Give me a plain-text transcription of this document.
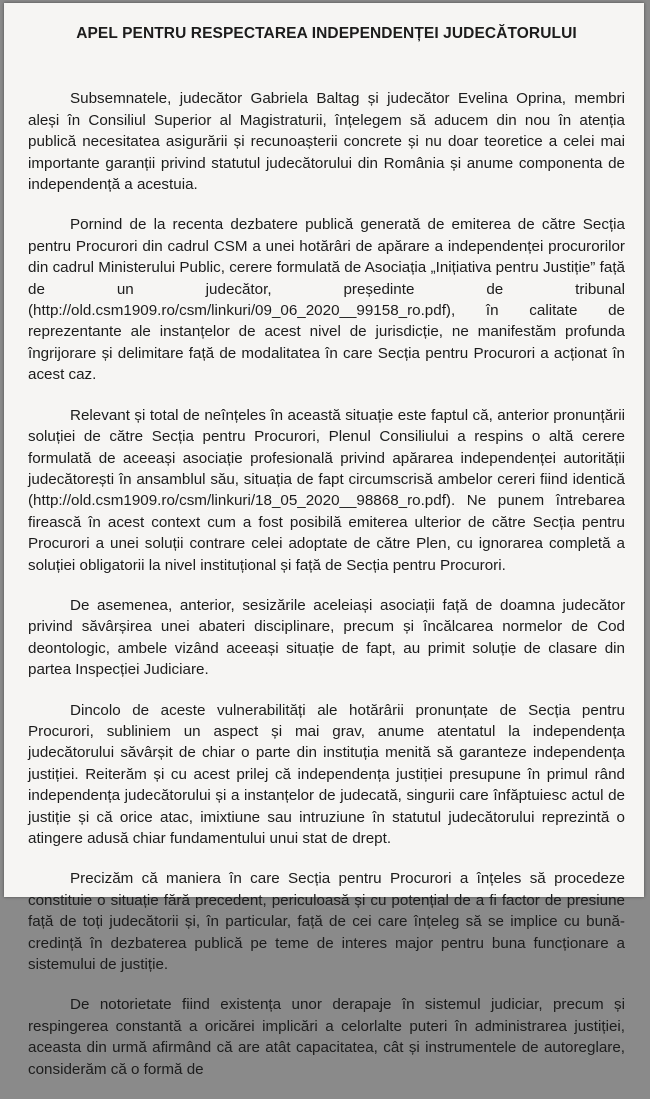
APEL PENTRU RESPECTAREA INDEPENDENȚEI JUDECĂTORULUI

Subsemnatele, judecător Gabriela Baltag și judecător Evelina Oprina, membri aleși în Consiliul Superior al Magistraturii, înțelegem să aducem din nou în atenția publică necesitatea asigurării și recunoașterii concrete și nu doar teoretice a celei mai importante garanții privind statutul judecătorului din România și anume componenta de independență a acestuia.

Pornind de la recenta dezbatere publică generată de emiterea de către Secția pentru Procurori din cadrul CSM a unei hotărâri de apărare a independenței procurorilor din cadrul Ministerului Public, cerere formulată de Asociația „Inițiativa pentru Justiție” față de un judecător, președinte de tribunal (http://old.csm1909.ro/csm/linkuri/09_06_2020__99158_ro.pdf), în calitate de reprezentante ale instanțelor de acest nivel de jurisdicție, ne manifestăm profunda îngrijorare și delimitare față de modalitatea în care Secția pentru Procurori a acționat în acest caz.

Relevant și total de neînțeles în această situație este faptul că, anterior pronunțării soluției de către Secția pentru Procurori, Plenul Consiliului a respins o altă cerere formulată de aceeași asociație profesională privind apărarea independenței autorității judecătorești în ansamblul său, situația de fapt circumscrisă ambelor cereri fiind identică (http://old.csm1909.ro/csm/linkuri/18_05_2020__98868_ro.pdf). Ne punem întrebarea firească în acest context cum a fost posibilă emiterea ulterior de către Secția pentru Procurori a unei soluții contrare celei adoptate de către Plen, cu ignorarea completă a soluției obligatorii la nivel instituțional și față de Secția pentru Procurori.

De asemenea, anterior, sesizările aceleiași asociații față de doamna judecător privind săvârșirea unei abateri disciplinare, precum și încălcarea normelor de Cod deontologic, ambele vizând aceeași situație de fapt, au primit soluție de clasare din partea Inspecției Judiciare.

Dincolo de aceste vulnerabilități ale hotărârii pronunțate de Secția pentru Procurori, subliniem un aspect și mai grav, anume atentatul la independența judecătorului săvârșit de chiar o parte din instituția menită să garanteze independența justiției. Reiterăm și cu acest prilej că independența justiției presupune în primul rând independența judecătorului și a instanțelor de judecată, singurii care înfăptuiesc actul de justiție și că orice atac, imixtiune sau intruziune în statutul judecătorului reprezintă o atingere adusă chiar fundamentului unui stat de drept.

Precizăm că maniera în care Secția pentru Procurori a înțeles să procedeze constituie o situație fără precedent, periculoasă și cu potențial de a fi factor de presiune față de toți judecătorii și, în particular, față de cei care înțeleg să se implice cu bună-credință în dezbaterea publică pe teme de interes major pentru buna funcționare a sistemului de justiție.

De notorietate fiind existența unor derapaje în sistemul judiciar, precum și respingerea constantă a oricărei implicări a celorlalte puteri în administrarea justiției, aceasta din urmă afirmând că are atât capacitatea, cât și instrumentele de autoreglare, considerăm că o formă de
